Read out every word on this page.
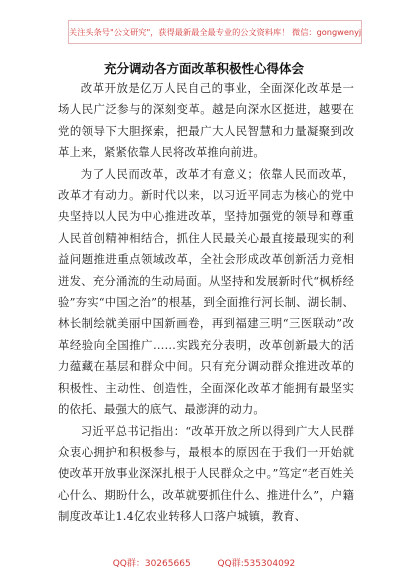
关注头条号"公文研究"，获得最新最全最专业的公文资料库！ 微信：gongwenyj
充分调动各方面改革积极性心得体会

改革开放是亿万人民自己的事业，全面深化改革是一场人民广泛参与的深刻变革。越是向深水区挺进，越要在党的领导下大胆探索，把最广大人民智慧和力量凝聚到改革上来，紧紧依靠人民将改革推向前进。

为了人民而改革，改革才有意义；依靠人民而改革，改革才有动力。新时代以来，以习近平同志为核心的党中央坚持以人民为中心推进改革，坚持加强党的领导和尊重人民首创精神相结合，抓住人民最关心最直接最现实的利益问题推进重点领域改革，全社会形成改革创新活力竞相迸发、充分涌流的生动局面。从坚持和发展新时代“枫桥经验”夯实“中国之治”的根基，到全面推行河长制、湖长制、林长制绘就美丽中国新画卷，再到福建三明“三医联动”改革经验向全国推广……实践充分表明，改革创新最大的活力蕴藏在基层和群众中间。只有充分调动群众推进改革的积极性、主动性、创造性，全面深化改革才能拥有最坚实的依托、最强大的底气、最澎湃的动力。

习近平总书记指出：“改革开放之所以得到广大人民群众衷心拥护和积极参与，最根本的原因在于我们一开始就使改革开放事业深深扎根于人民群众之中。”笃定“老百姓关心什么、期盼什么，改革就要抓住什么、推进什么”，户籍制度改革让1.4亿农业转移人口落户城镇，教育、

QQ群：30265665	QQ群:535304092
